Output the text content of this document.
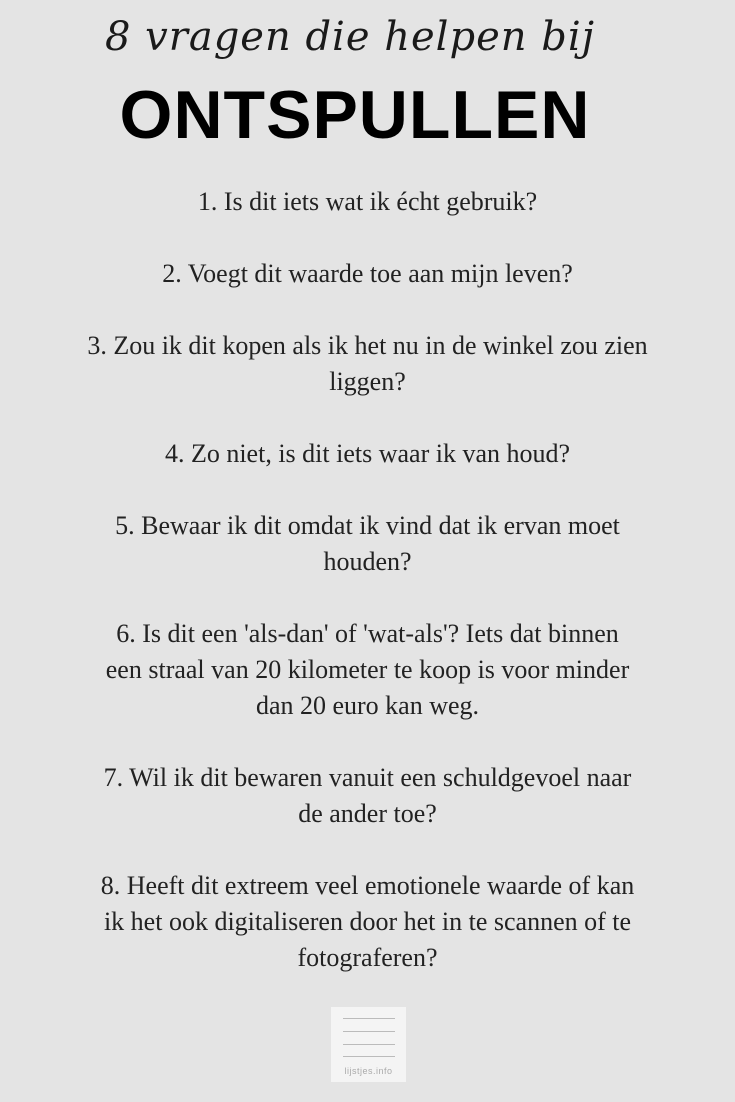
8 vragen die helpen bij
ONTSPULLEN
1. Is dit iets wat ik écht gebruik?
2. Voegt dit waarde toe aan mijn leven?
3. Zou ik dit kopen als ik het nu in de winkel zou zien
liggen?
4. Zo niet, is dit iets waar ik van houd?
5. Bewaar ik dit omdat ik vind dat ik ervan moet
houden?
6. Is dit een 'als-dan' of 'wat-als'? Iets dat binnen
een straal van 20 kilometer te koop is voor minder
dan 20 euro kan weg.
7. Wil ik dit bewaren vanuit een schuldgevoel naar
de ander toe?
8. Heeft dit extreem veel emotionele waarde of kan
ik het ook digitaliseren door het in te scannen of te
fotograferen?
lijstjes.info
